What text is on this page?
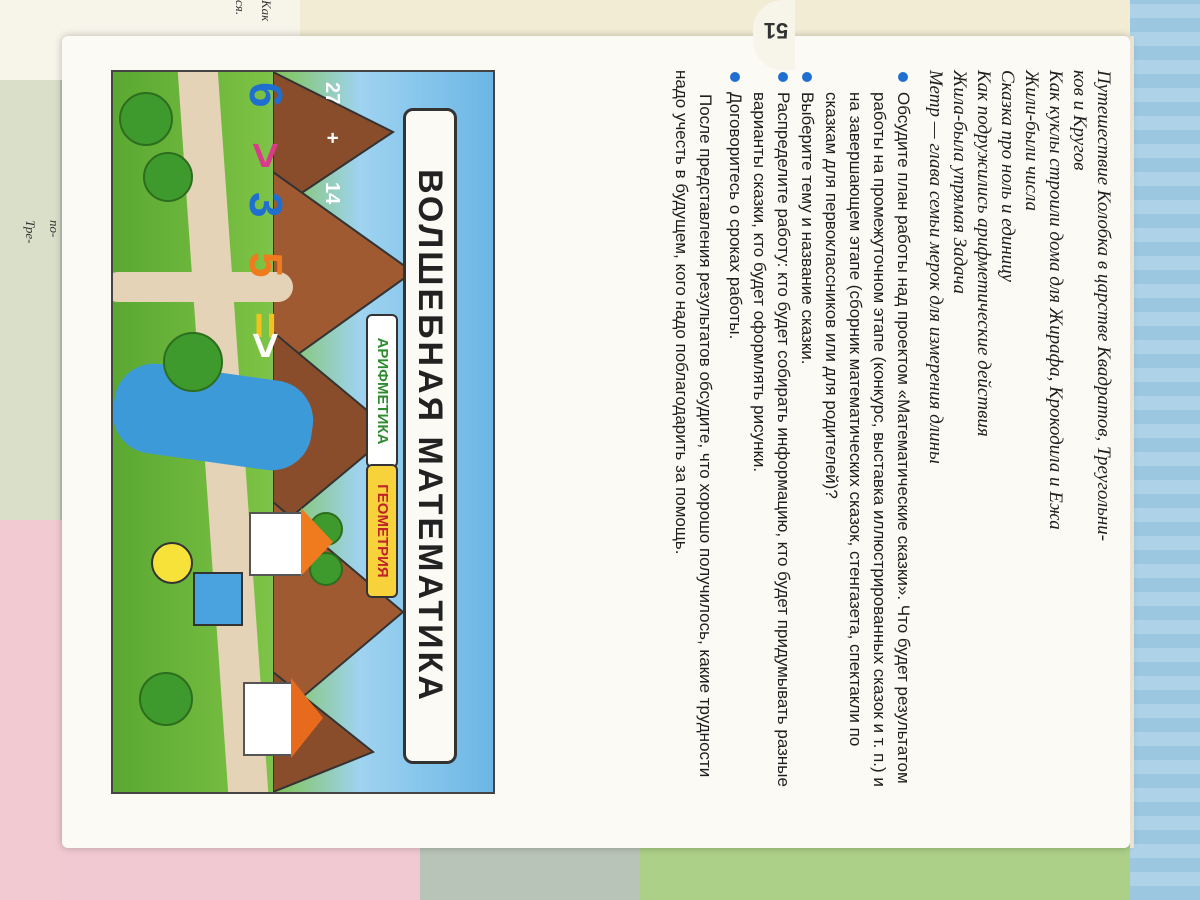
Как
ся.
по-
Тре-	Путешествие Колобка в царстве Квадратов, Треугольни-
ков и Кругов
Как куклы строили дома для Жирафа, Крокодила и Ежа
Жили-были числа
Сказка про ноль и единицу
Как подружились арифметические действия
Жила-была упрямая Задача
Метр — глава семьи мерок для измерения длины
Обсудите план работы над проектом «Математические сказки». Что будет результатом работы на промежуточном этапе (конкурс, выставка иллюстрированных сказок и т. п.) и на завершающем этапе (сборник математических сказок, стенгазета, спектакли по сказкам для первоклассников или для родителей)?
Выберите тему и название сказки.
Распределите работу: кто будет собирать информацию, кто будет придумывать разные варианты сказки, кто будет оформлять рисунки.
Договоритесь о сроках работы.
После представления результатов обсудите, что хорошо получилось, какие трудности надо учесть в будущем, кого надо поблагодарить за помощь.
ВОЛШЕБНАЯ МАТЕМАТИКА
АРИФМЕТИКА
ГЕОМЕТРИЯ
27
+
14
6
>
3
5
=
>
51
